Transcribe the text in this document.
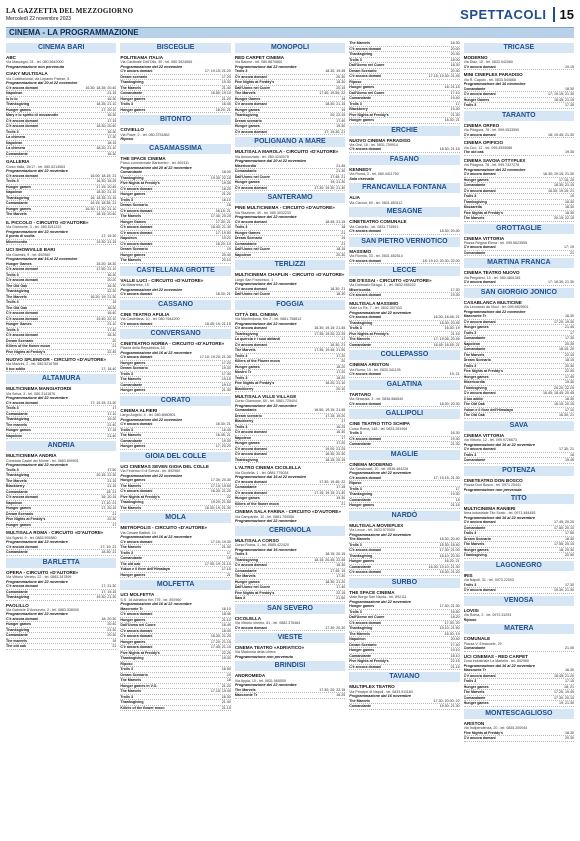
LA GAZZETTA DEL MEZZOGIORNO
Mercoledì 22 novembre 2023	SPETTACOLI	15
CINEMA - LA PROGRAMMAZIONE
CINEMA BARI
ABC
Via Mascagni, 24 - tel. 080.5642000
Programmazione non pervenuta
CIAKY MULTISALA
Via Costitucional, via Lepanto Palese, 5
Programmazione dal 20 al 22 novembre
C'è ancora domani	16.30; 18.35; 20.40
Napoleon	21.15
Io Io Io	16.30
Thanksgiving	18.35; 21.10
Hunger games	17; 20.10
Mary e lo spirito di mezzanotte	16.30
C'è ancora domani	17.15
C'è ancora domani	18.30; 20.40
Trolls 3	16.30
La chimera	17.30
Napoleon	18.15
La chimera	18.20; 21.10
Comandante	16.30
GALLERIA
Corso Italia, 15/17 - tel. 080.5214563
Programmazione del 22 novembre
C'è ancora domani	16.00; 18.15; 21
Trolls 3	16.30; 18.25
Hunger games	17.15; 20.45
Napoleon	18.30; 21.15
Thanksgiving	16; 18.35; 21.15
Comandante	16.15; 18.35; 21
Hunger games	16.30; 17.30; 21.10
The Marvels	18.15; 20.40
IL PICCOLO - CIRCUITO «D'AUTORE»
Via Giannone, 3 - tel. 080.5211222
Programmazione del 22 novembre
Il punto di svolta	17; 19.30
Misericordia	19.30; 21.15
UCI SHOWVILLE BARI
Via Giannini, 9 - tel. 892960
Programmazione dal 16 al 22 novembre
Hunger Games	15.20; 18.30
C'è ancora domani	17.50; 21.10
Trolls 3	16.30
C'è ancora domani	20.20
The Old Oak	16.30
Thanksgiving	22.30
The Marvels	16.20; 19; 21.30
Trolls 3	15
The Old Oak	18.30
C'è ancora domani	16.40
C'è ancora domani	19.40; 22.10
Hunger Games	21.10
Trolls 3	17.40
C'è ancora domani	18.30
Dream Scenario	20
Killers of the flower moon	21
Five Nights at Freddy's	22.45
NUOVO SPLENDOR - CIRCUITO «D'AUTORE»
Via Mazzini, 2 - tel. 080.5216766
Il tuo addio	17; 18.40
ALTAMURA
MULTICINEMA MANGIATORDI
Via Selva, 3 - tel. 080.3141876
Programmazione del 22 novembre
C'è ancora domani	17; 19.15; 21.30
Trolls 3	17
Comandante	17.10
Thanksgiving	19.20
The marvels	21.40
Hunger games	17.15
Napoleon	21.40
ANDRIA
MULTICINEMA ANDRIA
Contrada Castel del Monte - tel. 0883.899901
Programmazione dal 22 novembre
Trolls 3	17.50
Thanksgiving	20.15; 22.30
The Marvels	21.15
Blackberry	21.15
Comandante	18; 21
C'è ancora domani	16; 20.15
Napoleon	17.10; 21
Hunger games	17; 20.15
Dream Scenario	21
Five Nights at Freddy's	22.30
Hunger games	17
MULTISALA ROMA - CIRCUITO «D'AUTORE»
Via Sgarbi, 9 - tel. 0883.592880
Programmazione dal 22 novembre
C'è ancora domani	17; 19; 21
Comandante	18.30; 21
BARLETTA
OPERA - CIRCUITO «D'AUTORE»
Via Vittorio Veneto, 22 - tel. 0883.347899
Programmazione del 22 novembre
C'è ancora domani	17; 21.30
Comandante	17; 19.15
Thanksgiving	19.30; 21.30
PAOLILLO
Via Gabriele D'Annunzio, 2 - tel. 0883.536000
Programmazione del 22 novembre
C'è ancora domani	18; 20.30
Hunger games	20.40
Thanksgiving	21.30
Comandante	20.30
The marvels	18
The old oak	21
BISCEGLIE
POLITEAMA ITALIA
Via Cardinale Dell'Olio, 30 - tel. 080.3924665
Programmazione del 22 novembre
C'è ancora domani	17; 19.15; 21.20
Dream scenario	17.20
Thanksgiving	19.30
The Marvels	21.40
Comandante	16.50; 19.10
Hunger games	21.20
Trolls 3	16.45
Hunger games	18.20; 21
BITONTO
COVIELLO
Via Piave, 2 - tel. 080.3751862
Riposo
CASAMASSIMA
THE SPACE CINEMA
Parco commerciale Baricentro - tel. 892111
Programmazione dal 20 al 22 novembre
Comandante	18.00
Thanksgiving	19.30; 22.15
Five Nights at Freddy's	19.35
C'è ancora domani	18.25
Hunger games	21.20
Trolls 3	16.10
Dream Scenario	16
C'è ancora domani	16.15; 21
The Marvels	17.40; 20.20
Hunger Games	17.30; 21
C'è ancora domani	18.40; 21.30
C'è ancora domani	17; 19.50
Napoleon	19.20
C'è ancora domani	16.20; 19
Dream Scenario	19
Hunger games	20.40
The Marvels	20.10
CASTELLANA GROTTE
VALLE LUCI - CIRCUITO «D'AUTORE»
Via Matarrese, 15
Programmazione del 22 novembre
C'è ancora domani	18.30; 21
CASSANO
CINE TEATRO APULIA
Via Castellana, 10 - tel. 080.7644200
C'è ancora domani	18.45; 19; 21.15
CONVERSANO
CINETEATRO NORBA - CIRCUITO «D'AUTORE»
Piazza della Repubblica, 10
Programmazione dal 16 al 22 novembre
C'è ancora domani	17.10; 19.20; 21.30
Hunger games	17.20
Dream Scenario	19.30
Trolls 3	17.30
The Marvels	19.15
Comandante	19.10
Hunger games	21.30
CORATO
CINEMA ALFIERI
Largo Angelo, 4 - tel. 080.8980501
Programmazione dal 22 novembre
C'è ancora domani	16.30; 21
Trolls 3	16.45
The Marvels	16.45; 21
Comandante	19.30
Hunger games	17; 20.20
GIOIA DEL COLLE
UCI CINEMAS SEVEN GIOIA DEL COLLE
Via Federico II di Svevia - tel. 892960
Programmazione del 22 novembre
Hunger games	17.30; 20.30
The Marvels	17.10; 19.50
C'è ancora domani	16.30; 21.20
Five Nights at Freddy's	22
Thanksgiving	19.20; 21.50
The Marvels	16.30; 19; 21.30
MOLA
METROPOLIS - CIRCUITO «D'AUTORE»
Via Cesare Battisti, 14
Programmazione del 16 al 22 novembre
C'è ancora domani	17.15; 19.30
The Marvels	21.30
Trolls 3	17
Comandante	19
The old oak	17.05; 19; 21.15
Yukon e il fiore dell'Himalaya	17.15
Hunger games	21
MOLFETTA
UCI MOLFETTA
S.S. 16 Adriatica Km 775 - tel. 892960
Programmazione dal 16 al 22 novembre
Maxcronte Tr	16.10
C'è ancora domani	18.45
Hunger games	21.10
Dall'Uomo nel Cuore	16.45
C'è ancora domani	18.40
C'è ancora domani	16.30; 21.20
Hunger games	17.20; 21.15
C'è ancora domani	17.45; 21.15
Five Nights at Freddy's	22.25
Thanksgiving	19.30
Riposo
Trolls 3	16.50
Dream Scenario	19
The Marvels	18
Hunger games in V.O.	21.20
The Marvels	17.15; 19.40
Trolls 3	16.30
Thanksgiving	21.40
Killers of the flower moon	21.15
MONOPOLI
RED CARPET CINEMA
Via Baione - tel. 080.8870860
Programmazione dal 22 novembre
Trolls 3	18.30; 19.45
C'è ancora domani	20.30
Five Nights at Freddy's	18.30
Dall'Uomo nel Cuore	20.15
The Marvels	17.40; 19.50; 22
Hunger Games	19
C'è ancora domani	18.30; 21.15
Hunger games	19
Thanksgiving	20; 22.15
Dream scenario	17.40
Hunger games	19.30
C'è ancora domani	17; 19.30; 21
POLIGNANO A MARE
MULTISALA MAROLA - CIRCUITO «D'AUTORE»
Via Annunziata - tel. 080.4240078
Programmazione dal 20 al 22 novembre
Misericordia	21.45
Comandante	21.30
Dall'Uomo nel Cuore	17.45; 21
Hunger games	19; 21.30
C'è ancora domani	17.30; 19.30; 21.30
SANTERAMO
PINE MULTICINEMA - CIRCUITO «D'AUTORE»
Via Stazione, 49 - tel. 080.3032233
Programmazione del 22 novembre
C'è ancora domani	18.45; 21.15
Trolls 3	18
Hunger Games	21
Dream Scenario	19
Comandante	21
Dall'Uomo nel Cuore	18.15
Napoleon	20.30
TERLIZZI
MULTICINEMA CHAPLIN - CIRCUITO «D'AUTORE»
Largo San Francesco, 1
Programmazione del 22 novembre
C'è ancora domani	18.30; 21
Dall'Uomo nel Cuore	18.30
FOGGIA
CITTÀ DEL CINEMA
Via Manfredonia, Km 2 - tel. 0881.758813
Programmazione del 22 novembre
C'è ancora domani	16.30; 19.15; 21.45
Thanksgiving	17.35; 19.20; 22.25
La quercia e i suoi abitanti	17
C'è ancora domani	18.30; 21
The Marvels	17.35; 19.45; 21.50
Trolls 3	17.20
Killers of the Flower moon	20
Hunger games	18.20
Mostro Tr	17.20
Trolls 3	18.20
Five Nights at Freddy's	18.20; 21.10
Blackberry	20.10
MULTISALA VILLE VILLAGE
Corso Giannone, 60 - tel. 0881.725404
Programmazione del 22 novembre
Comandante	16.50; 19.15; 21.45
Dream scenario	17.15; 19.20
Blackberry	17
Trolls 3	16.25
C'è ancora domani	16.30
Napoleon	17
Hunger games	17.20
C'è ancora domani	19.00; 21.25
C'è ancora domani	16.30; 20.30
Thanksgiving	18.15; 20.15
L'ALTRO CINEMA CICOLELLA
Via Cicolella, 1 - tel. 0881.776034
Programmazione dal 16 al 22 novembre
C'è ancora domani	17.30; 19.45; 22
Comandante	17.15
C'è ancora domani	17.15; 19.15; 21.30
Hunger games	19.30
Killers of the flower moon	21
CINEMA SALA FARINA - CIRCUITO «D'AUTORE»
Via Campanile, 10 - tel. 0881.709556
Programmazione del 22 novembre
CERIGNOLA
MULTISALA CORSO
Corso Roma, 1 - tel. 0885.422420
Programmazione dal 16 novembre
Trolls 3	18.15; 20.15
Thanksgiving	18.15; 20.45; 22.45
C'è ancora domani	16.30
Comandante	17.45; 19
The Marvels	17.30
Hunger games	18.30; 21.20
Dall'Uomo nel Cuore	17.40
Five Nights at Freddy's	22.15
Saw X	21.50
SAN SEVERO
CICOLELLA
Via Vittorio Veneto, 81 - tel. 0882.376484
C'è ancora domani	17.30; 20.30
VIESTE
CINEMA TEATRO «ADRIATICO»
Via Madonna della Libera
Programmazione non pervenuta
BRINDISI
ANDROMEDA
Via Appia, 10 - tel. 0831.565555
Programmazione del 22 novembre
The Marvels	17.30; 20; 22.15
Maxcronte Tr	16.25
The Marvels	18.30
C'è ancora domani	20.00
Thanksgiving	20.30
Trolls 3	18.00
Dall'Uomo nel Cuore	18.30
Dream Scenario	20.30
C'è ancora domani	17.15; 19.30; 21.45
Riposo
Hunger games	18; 21.15
Dall'Uomo nel Cuore	17.10
Comandante	19.40
Trolls 3	17
Blackberry	19.30
Five Nights at Freddy's	21.30
Hunger games	18.30; 21
ERCHIE
NUOVO CINEMA PARADISO
Via Orsi, 16 - tel. 0831.759914
C'è ancora domani	18.30; 21.15
FASANO
KENNEDY
Via Roma, 3 - tel. 080.4411750
Sala riservata
FRANCAVILLA FONTANA
ALIA
Via Cavour, 60 - tel. 0831.853112
MESAGNE
CINETEATRO COMUNALE
Via Castello - tel. 0831.774591
C'è ancora domani	18.30; 20.30
SAN PIETRO VERNOTICO
MASSIMO
Via Romita, 33 - tel. 0831.652514
C'è ancora domani	18; 19.10; 20.30; 22.00
LECCE
DB D'ESSAI - CIRCUITO «D'AUTORE»
Via Dalmazio Birago, 1 - tel. 0832.455222
Misericordia	17.30
C'è ancora domani	19.30
MULTISALA MASSIMO
Viale Lo Re, 7 - tel. 0832.307433
Programmazione dal 22 novembre
C'è ancora domani	16.30; 18.45; 21
Thanksgiving	18.30; 20.45
Trolls 3	16.30; 19
Five Nights at Freddy's	21.15
The Marvels	17; 19.05; 20.45
Comandante	16.45; 18.45; 21
COLLEPASSO
CINEMA ARISTON
Via Roma, 10 - tel. 0833.341195
C'è ancora domani	19; 21
GALATINA
TARTARO
Via Siracusa, 3 - tel. 0836.566540
C'è ancora domani	18.30; 20.30
GALLIPOLI
CINE TEATRO TITO SCHIPA
Corso Roma, 148 - tel. 0833.261994
Trolls 3	16.30
C'è ancora domani	19.30
Comandante	21.30
MAGLIE
CINEMA MODERNO
Via Sandonaci, 10 - tel. 0836.484226
Programmazione del 22 novembre
C'è ancora domani	17; 19.15; 21.30
Riposo
Trolls 3	17
Thanksgiving	19.30
Comandante	19
Hunger games	21.15
NARDÒ
MULTISALA MOVIEPLEX
Via Lecce - tel. 0833.570000
Programmazione del 22 novembre
The Marvels	18.30; 20.40
Trolls 3	16.30; 18.40
C'è ancora domani	17.30; 21.00
Thanksgiving	18.10; 20.30
Hunger games	16.20; 21
Comandante	16.30; 19.10; 21.30
C'è ancora domani	18.30; 21.20
SURBO
THE SPACE CINEMA
Viale Borgo San Nicola - tel. 892111
Programmazione del 22 novembre
Hunger games	17.40; 21.30
Trolls 3	16.50
Dall'Uomo nel Cuore	18.20
C'è ancora domani	17.30; 20
Thanksgiving	19.10; 21.50
The Marvels	16.30; 19
Napoleon	20.40
Dream Scenario	17.40
Hunger games	19.10
Comandante	18.10
Five Nights at Freddy's	22.15
C'è ancora domani	21.15
TAVIANO
MULTIPLEX TEATRO
Via Principe di Napoli - tel. 0833.911184
Programmazione dal 16 novembre
The Marvels	17.30; 20.00; 22
Comandante	19.30; 21.30
TRICASE
MODERNO
Via Diaz, 10 - tel. 0833.542060
C'è ancora domani	19.15
MINI CINEPLEX PARADISO
Via R. Caputo - tel. 0833.544868
Programmazione del 16 novembre
Comandante	18.30
C'è ancora domani	17; 19.15; 21.30
Hunger Games	18.45; 21.15
Trolls 3	17.30
TARANTO
CINEMA ORFEO
Via Pitagora, 78 - tel. 099.4533590
C'è ancora domani	18; 19.45; 21.30
CINEMA OPIFICIO
Via Ciro, 12 - tel. 099.4539086
The old oak	19.30
CINEMA SAVOIA OTTYPLEX
Via Pitagora, 76 - tel. 099.7327278
Programmazione del 22 novembre
C'è ancora domani	16.30; 19.15; 21.30
Hunger games	17.15; 20
Comandante	18.30; 21.15
C'è ancora domani	16.30; 19.15; 21
Trolls 3	19
Thanksgiving	18.30
Mozzarella	18.30
Five Nights at Freddy's	18.30
The Marvels	20.15; 22.15
GROTTAGLIE
CINEMA VITTORIA
Piazza Regina Elena - tel. 099.5623555
C'è ancora domani	17; 19
Comandante	21
MARTINA FRANCA
CINEMA TEATRO NUOVO
Via Pergolesi, 10 - tel. 080.4801361
C'è ancora domani	17; 18.30; 21.30
SAN GIORGIO JONICO
CASABLANCA MULTICINE
Via Leonardo da Vinci - tel. 099.5929501
Programmazione dal 22 novembre
Maxcronte Tr	16.30
C'è ancora domani	17.20; 19.30
Hunger games	21.45
Trolls 3	17
Comandante	17.30
Napoleon	20.30
Comandante	18.15; 20
The Marvels	22.15
Dream Scenario	18.15
Trolls 3	20.30
Five Nights at Freddy's	22.30
Hunger games	17.45
Misericordia	19.30
Thanksgiving	20.20; 22.20
C'è ancora domani	16.45; 18.45; 20.45
Il tuo addio	18.30
The Old Oak	16.15; 20.15
Yukon e il fiore dell'Himalaya	17.10
The Old Oak	16.30; 21
SAVA
CINEMA VITTORIA
Via Vittorio, 12 - tel. 099.9726673
Programmazione dal 16 al 22 novembre
C'è ancora domani	17.30; 21
Trolls 3	18
Comandante	19.45
POTENZA
CINETEATRO DON BOSCO
Piazza Don Bosco - tel. 0971.25441
Programmazione non pervenuta
TITO
MULTICINEMA RANIERI
Area industriale Tito Scalo - tel. 0971.484455
Programmazione dal 16 al 22 novembre
C'è ancora domani	17.45; 20.20
Comandante	17.50; 20.10
Trolls 3	17.50
Dream Scenario	18.30
The Marvels	17.55; 20.15
Hunger games	18; 20.30
Thanksgiving	20.50
LAGONEGRO
IRIS
Via Napoli, 31 - tel. 0973.22003
Trolls 3	17.30
C'è ancora domani	19.30; 21.30
VENOSA
LOVISI
Via Roma, 2 - tel. 0972.31293
Riposo
MATERA
COMUNALE
Piazza V. Emanuele, 29
Comandante	21.00
UCI CINEMAS - RED CARPET
Zona industriale La Martella - tel. 892960
Programmazione dal 16 al 22 novembre
Maxcronte Tr	16.30
C'è ancora domani	18.45; 21.20
Trolls 3	17.15
Hunger games	18; 21
The Marvels	17.20; 19.45
Comandante	17.30; 20.15
Hunger games	19; 21.30
MONTESCAGLIOSO
ARISTON
Via Indipendenza, 20 - tel. 0835.200044
Five Nights at Freddy's	18.30
C'è ancora domani	20.30
